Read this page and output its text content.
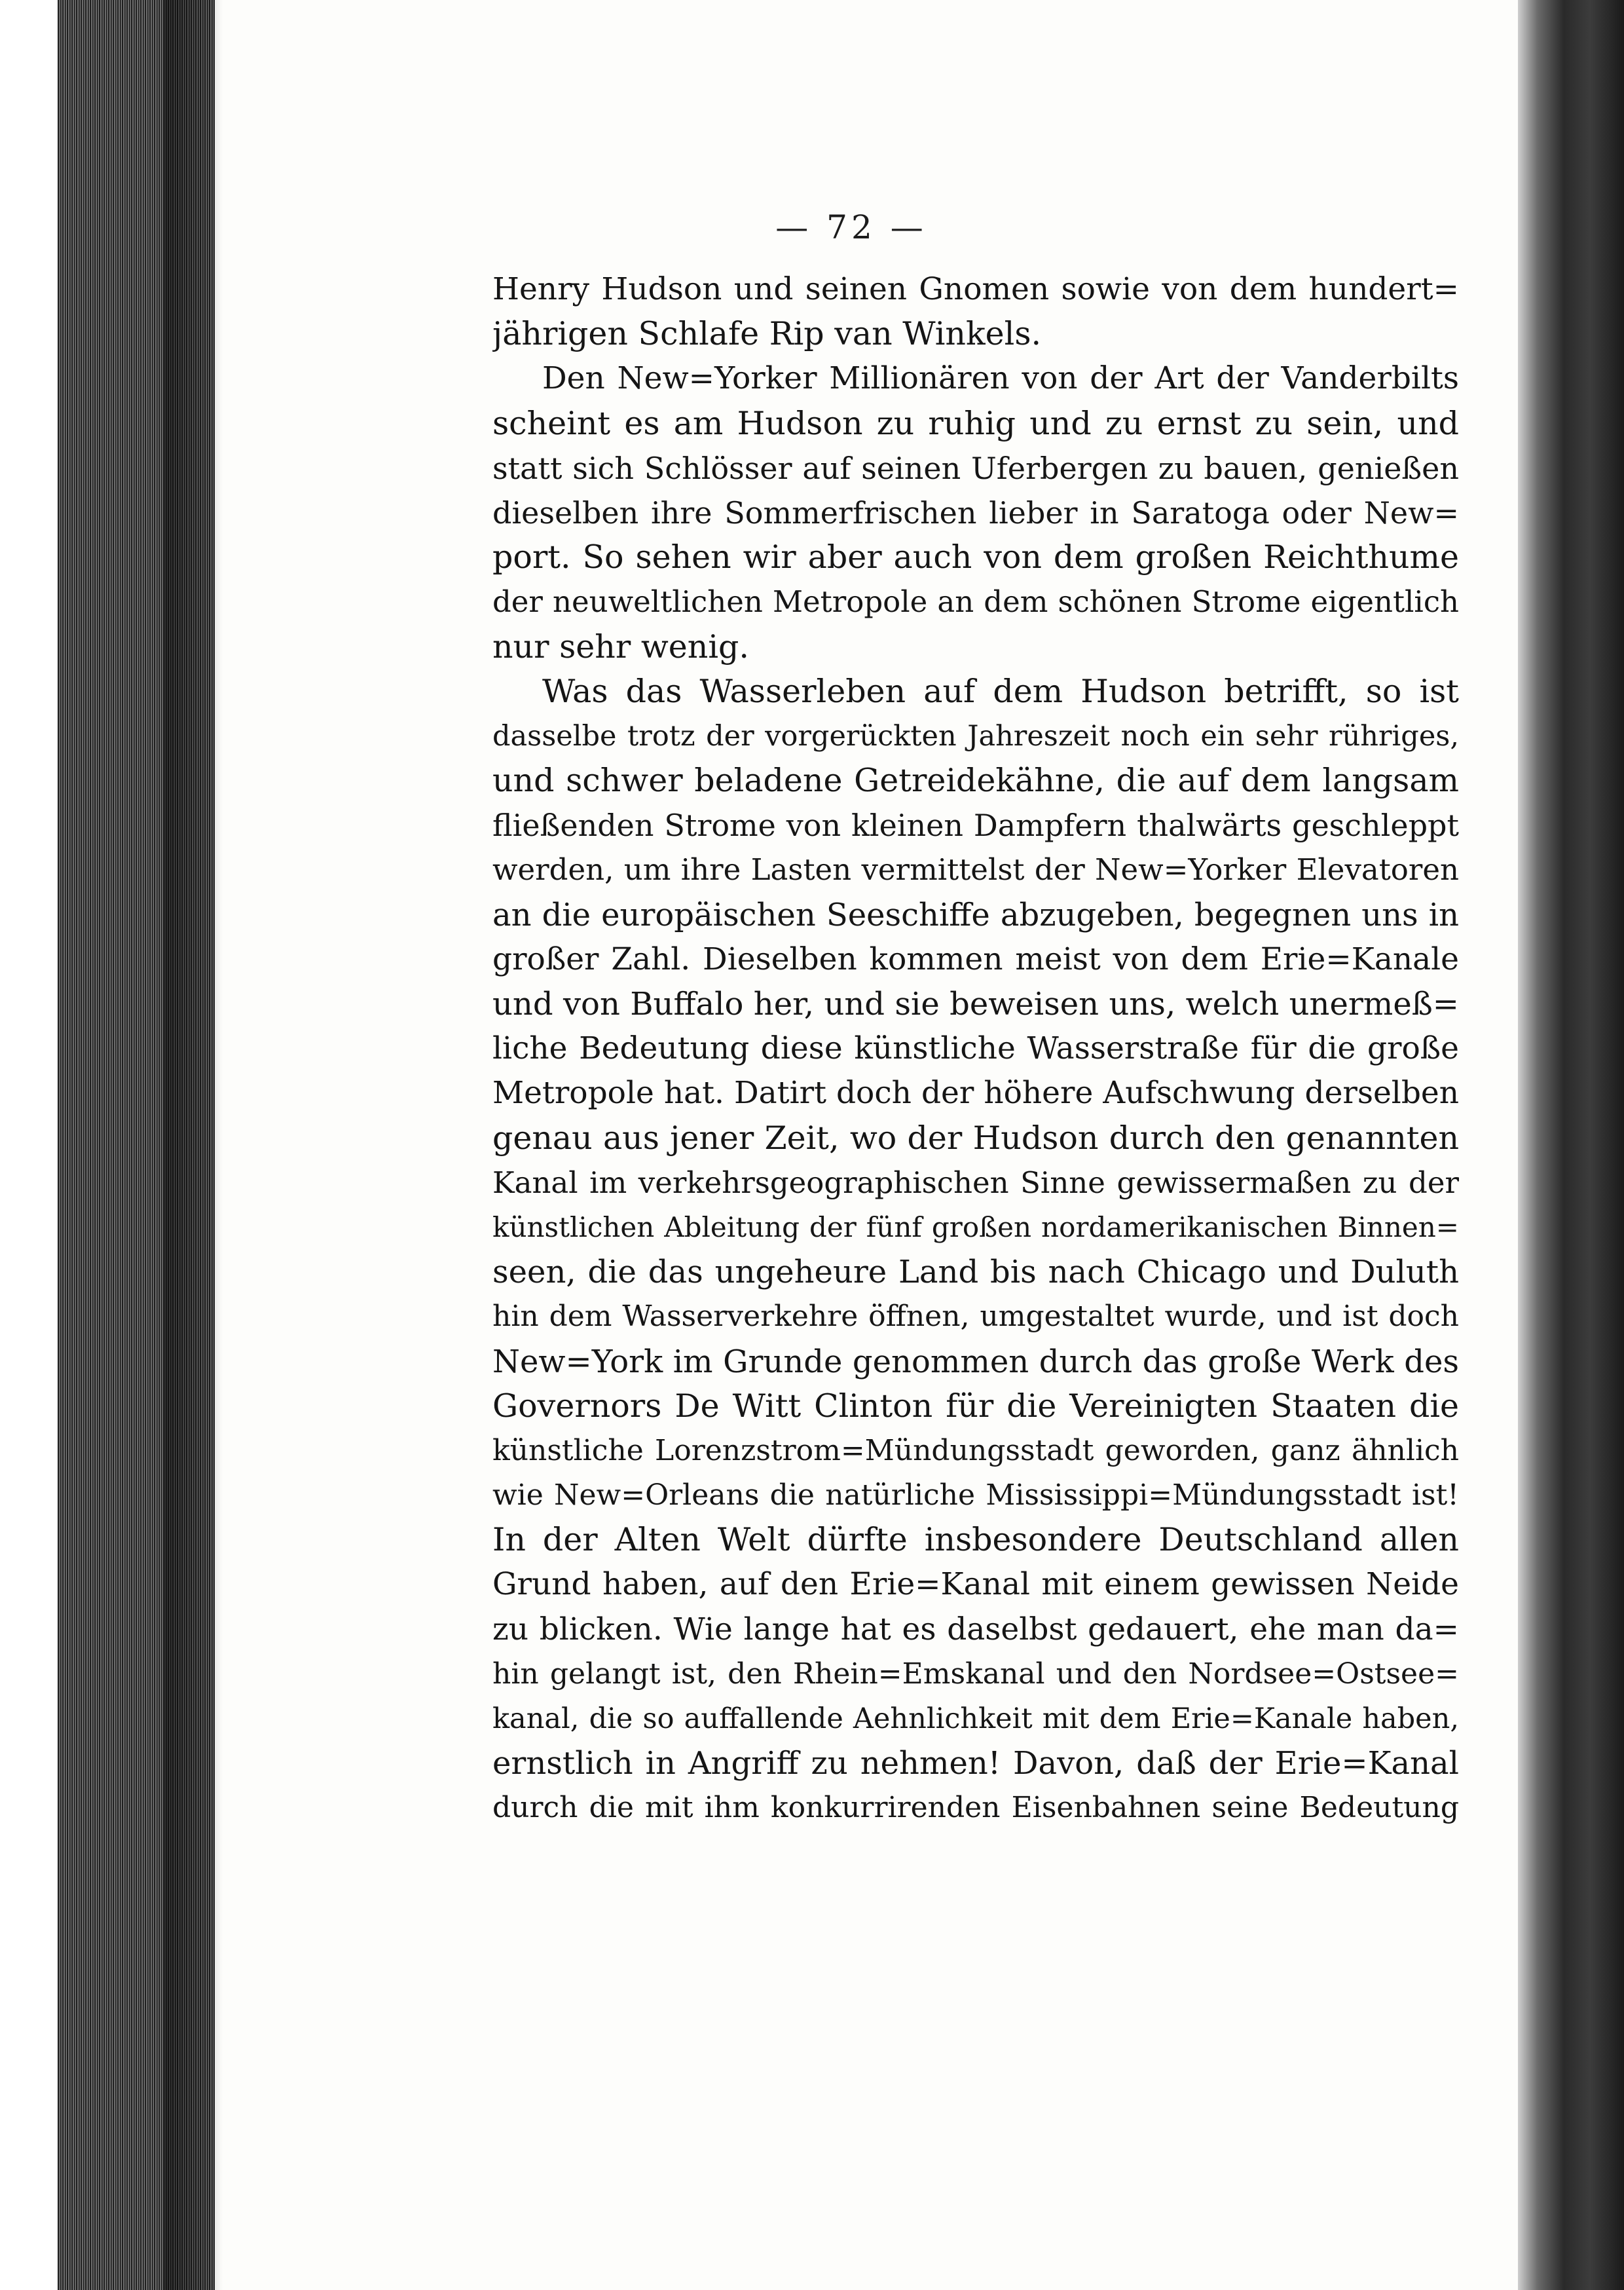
— 72 —
Henry Hudson und seinen Gnomen sowie von dem hundert=
jährigen Schlafe Rip van Winkels.
Den New=Yorker Millionären von der Art der Vanderbilts
scheint es am Hudson zu ruhig und zu ernst zu sein, und
statt sich Schlösser auf seinen Uferbergen zu bauen, genießen
dieselben ihre Sommerfrischen lieber in Saratoga oder New=
port. So sehen wir aber auch von dem großen Reichthume
der neuweltlichen Metropole an dem schönen Strome eigentlich
nur sehr wenig.
Was das Wasserleben auf dem Hudson betrifft, so ist
dasselbe trotz der vorgerückten Jahreszeit noch ein sehr rühriges,
und schwer beladene Getreidekähne, die auf dem langsam
fließenden Strome von kleinen Dampfern thalwärts geschleppt
werden, um ihre Lasten vermittelst der New=Yorker Elevatoren
an die europäischen Seeschiffe abzugeben, begegnen uns in
großer Zahl. Dieselben kommen meist von dem Erie=Kanale
und von Buffalo her, und sie beweisen uns, welch unermeß=
liche Bedeutung diese künstliche Wasserstraße für die große
Metropole hat. Datirt doch der höhere Aufschwung derselben
genau aus jener Zeit, wo der Hudson durch den genannten
Kanal im verkehrsgeographischen Sinne gewissermaßen zu der
künstlichen Ableitung der fünf großen nordamerikanischen Binnen=
seen, die das ungeheure Land bis nach Chicago und Duluth
hin dem Wasserverkehre öffnen, umgestaltet wurde, und ist doch
New=York im Grunde genommen durch das große Werk des
Governors De Witt Clinton für die Vereinigten Staaten die
künstliche Lorenzstrom=Mündungsstadt geworden, ganz ähnlich
wie New=Orleans die natürliche Mississippi=Mündungsstadt ist!
In der Alten Welt dürfte insbesondere Deutschland allen
Grund haben, auf den Erie=Kanal mit einem gewissen Neide
zu blicken. Wie lange hat es daselbst gedauert, ehe man da=
hin gelangt ist, den Rhein=Emskanal und den Nordsee=Ostsee=
kanal, die so auffallende Aehnlichkeit mit dem Erie=Kanale haben,
ernstlich in Angriff zu nehmen! Davon, daß der Erie=Kanal
durch die mit ihm konkurrirenden Eisenbahnen seine Bedeutung
